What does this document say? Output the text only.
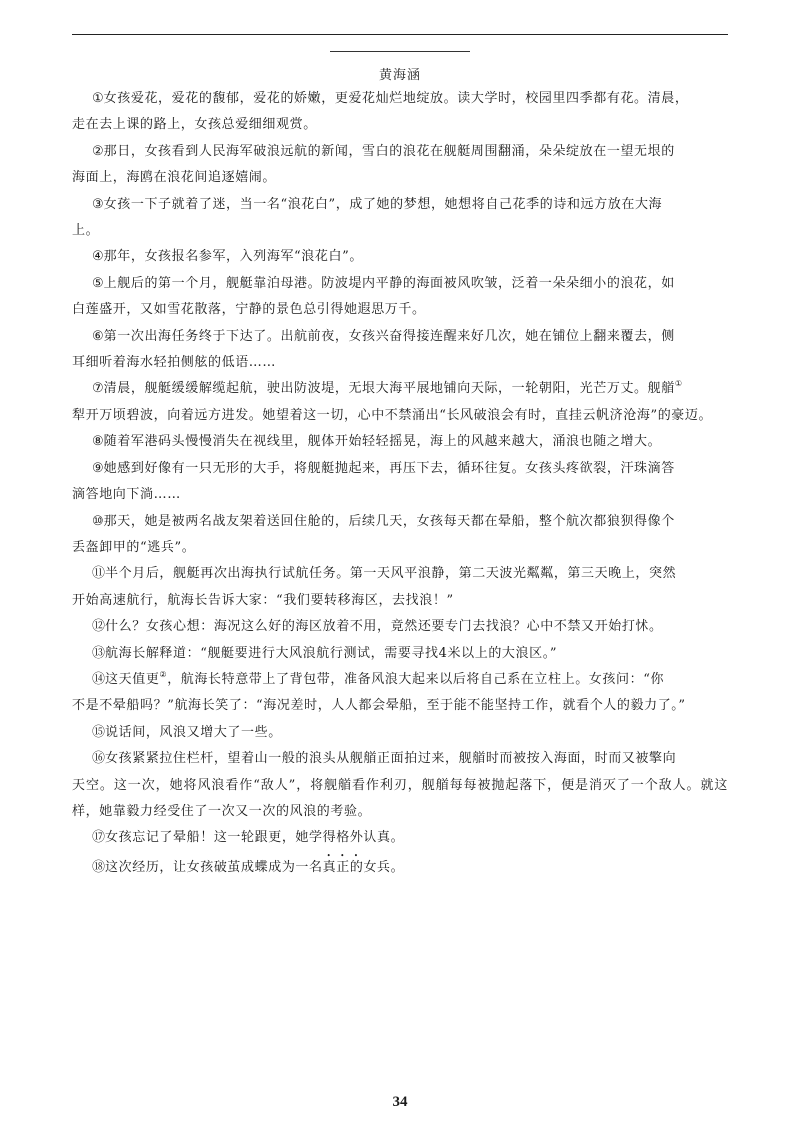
黄海涵

①女孩爱花，爱花的馥郁，爱花的娇嫩，更爱花灿烂地绽放。读大学时，校园里四季都有花。清晨，
走在去上课的路上，女孩总爱细细观赏。

②那日，女孩看到人民海军破浪远航的新闻，雪白的浪花在舰艇周围翻涌，朵朵绽放在一望无垠的
海面上，海鸥在浪花间追逐嬉闹。

③女孩一下子就着了迷，当一名“浪花白”，成了她的梦想，她想将自己花季的诗和远方放在大海
上。

④那年，女孩报名参军，入列海军“浪花白”。

⑤上舰后的第一个月，舰艇靠泊母港。防波堤内平静的海面被风吹皱，泛着一朵朵细小的浪花，如
白莲盛开，又如雪花散落，宁静的景色总引得她遐思万千。

⑥第一次出海任务终于下达了。出航前夜，女孩兴奋得接连醒来好几次，她在铺位上翻来覆去，侧
耳细听着海水轻拍侧舷的低语……

⑦清晨，舰艇缓缓解缆起航，驶出防波堤，无垠大海平展地铺向天际，一轮朝阳，光芒万丈。舰艏①
犁开万顷碧波，向着远方进发。她望着这一切，心中不禁涌出“长风破浪会有时，直挂云帆济沧海”的豪迈。

⑧随着军港码头慢慢消失在视线里，舰体开始轻轻摇晃，海上的风越来越大，涌浪也随之增大。

⑨她感到好像有一只无形的大手，将舰艇抛起来，再压下去，循环往复。女孩头疼欲裂，汗珠滴答
滴答地向下淌……

⑩那天，她是被两名战友架着送回住舱的，后续几天，女孩每天都在晕船，整个航次都狼狈得像个
丢盔卸甲的“逃兵”。

⑪半个月后，舰艇再次出海执行试航任务。第一天风平浪静，第二天波光粼粼，第三天晚上，突然
开始高速航行，航海长告诉大家：“我们要转移海区，去找浪！”

⑫什么？女孩心想：海况这么好的海区放着不用，竟然还要专门去找浪？心中不禁又开始打怵。

⑬航海长解释道：“舰艇要进行大风浪航行测试，需要寻找4米以上的大浪区。”

⑭这天值更②，航海长特意带上了背包带，准备风浪大起来以后将自己系在立柱上。女孩问：“你
不是不晕船吗？”航海长笑了：“海况差时，人人都会晕船，至于能不能坚持工作，就看个人的毅力了。”

⑮说话间，风浪又增大了一些。

⑯女孩紧紧拉住栏杆，望着山一般的浪头从舰艏正面拍过来，舰艏时而被按入海面，时而又被擎向
天空。这一次，她将风浪看作“敌人”，将舰艏看作利刃，舰艏每每被抛起落下，便是消灭了一个敌人。就这样，她靠毅力经受住了一次又一次的风浪的考验。

⑰女孩忘记了晕船！这一轮跟更，她学得格外认真。

⑱这次经历，让女孩破茧成蝶成为一名真正的女兵。

34
